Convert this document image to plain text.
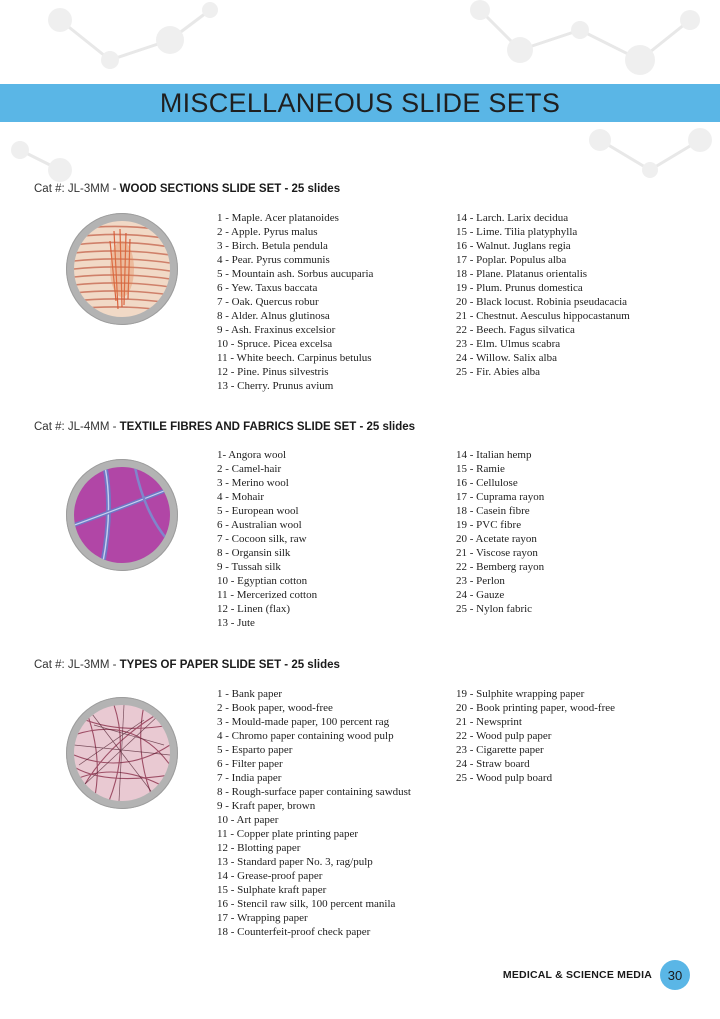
MISCELLANEOUS SLIDE SETS
Cat #: JL-3MM - WOOD SECTIONS SLIDE SET - 25 slides
1 - Maple. Acer platanoides
2 - Apple. Pyrus malus
3 - Birch. Betula pendula
4 - Pear. Pyrus communis
5 - Mountain ash. Sorbus aucuparia
6 - Yew. Taxus baccata
7 - Oak. Quercus robur
8 - Alder. Alnus glutinosa
9 - Ash. Fraxinus excelsior
10 - Spruce. Picea excelsa
11 - White beech. Carpinus betulus
12 - Pine. Pinus silvestris
13 - Cherry. Prunus avium
14 - Larch. Larix decidua
15 - Lime. Tilia platyphylla
16 - Walnut. Juglans regia
17 - Poplar. Populus alba
18 - Plane. Platanus orientalis
19 - Plum. Prunus domestica
20 - Black locust. Robinia pseudacacia
21 - Chestnut. Aesculus hippocastanum
22 - Beech. Fagus silvatica
23 - Elm. Ulmus scabra
24 - Willow. Salix alba
25 - Fir. Abies alba
Cat #: JL-4MM - TEXTILE FIBRES AND FABRICS SLIDE SET - 25 slides
1- Angora wool
2 - Camel-hair
3 - Merino wool
4 - Mohair
5 - European wool
6 - Australian wool
7 - Cocoon silk, raw
8 - Organsin silk
9 - Tussah silk
10 - Egyptian cotton
11 - Mercerized cotton
12 - Linen (flax)
13 - Jute
14 - Italian hemp
15 - Ramie
16 - Cellulose
17 - Cuprama rayon
18 - Casein fibre
19 - PVC fibre
20 - Acetate rayon
21 - Viscose rayon
22 - Bemberg rayon
23 - Perlon
24 - Gauze
25 - Nylon fabric
Cat #: JL-3MM - TYPES OF PAPER SLIDE SET - 25 slides
1 - Bank paper
2 - Book paper, wood-free
3 - Mould-made paper, 100 percent rag
4 - Chromo paper containing wood pulp
5 - Esparto paper
6 - Filter paper
7 - India paper
8 - Rough-surface paper containing sawdust
9 - Kraft paper, brown
10 - Art paper
11 - Copper plate printing paper
12 - Blotting paper
13 - Standard paper No. 3, rag/pulp
14 - Grease-proof paper
15 - Sulphate kraft paper
16 - Stencil raw silk, 100 percent manila
17 - Wrapping paper
18 - Counterfeit-proof check paper
19 - Sulphite wrapping paper
20 - Book printing paper, wood-free
21 - Newsprint
22 - Wood pulp paper
23 - Cigarette paper
24 - Straw board
25 - Wood pulp board
MEDICAL & SCIENCE MEDIA	30
